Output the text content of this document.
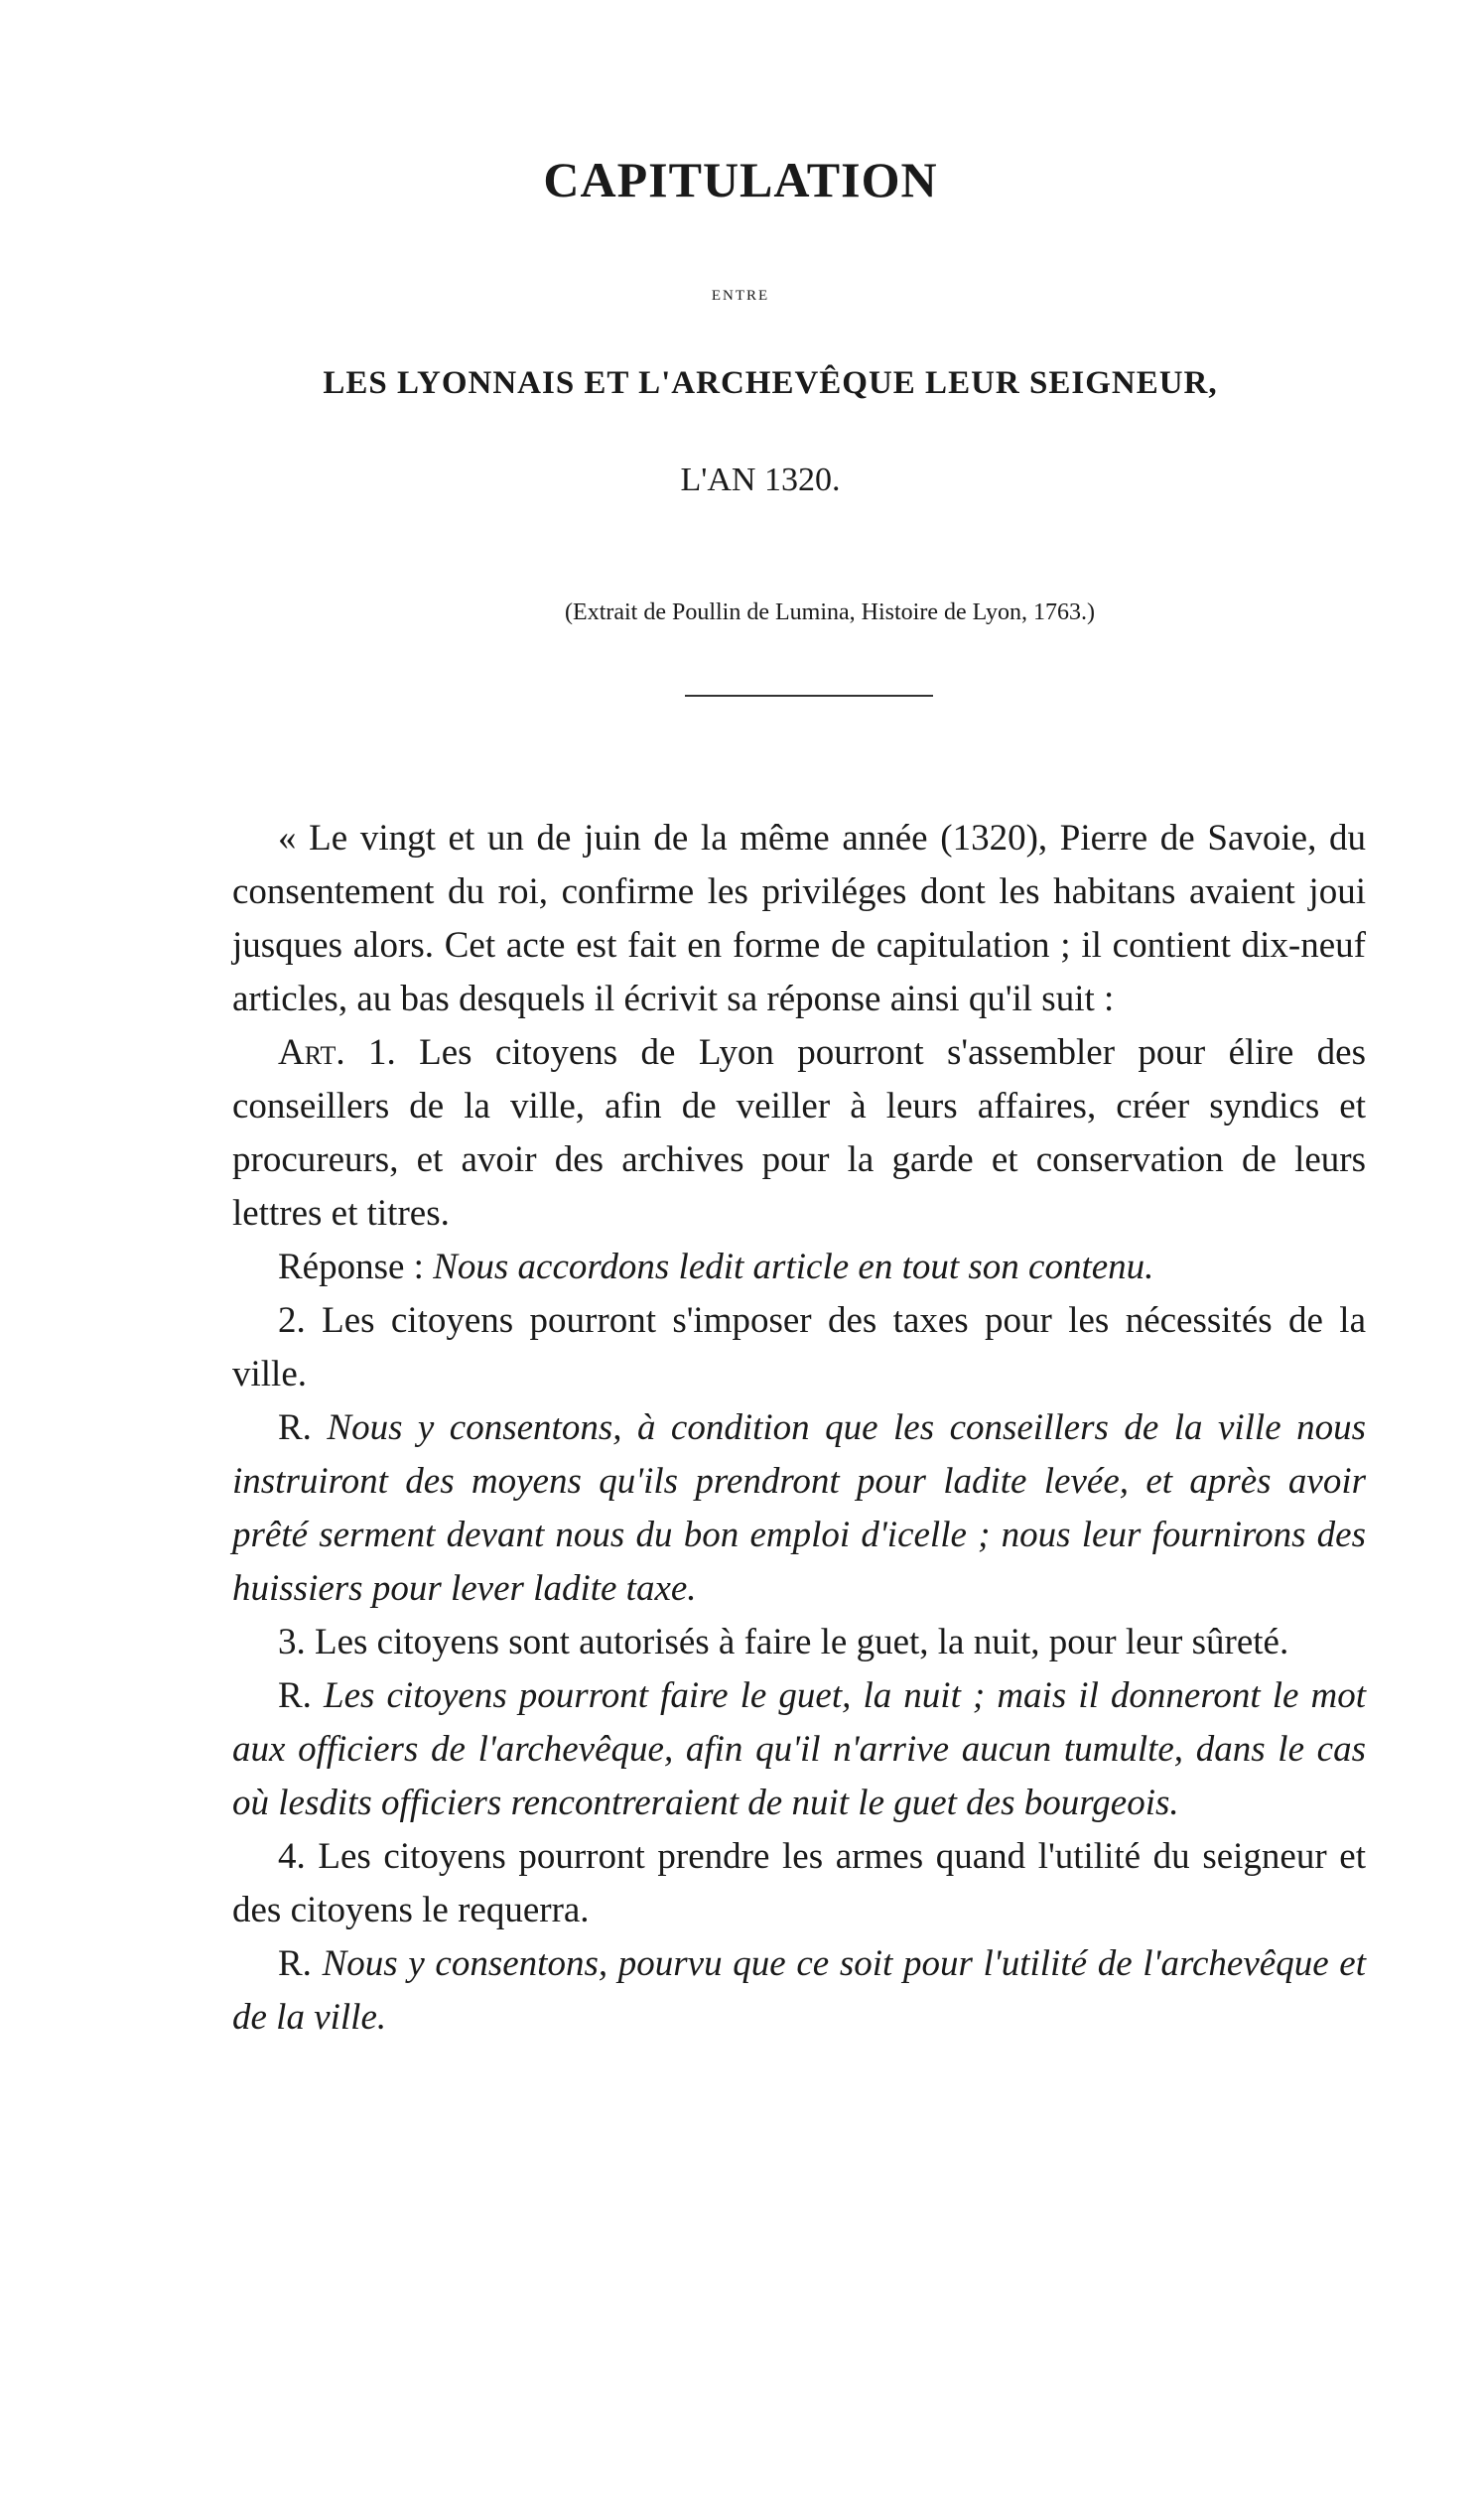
CAPITULATION
entre
LES LYONNAIS ET L'ARCHEVÊQUE LEUR SEIGNEUR,
L'AN 1320.
(Extrait de Poullin de Lumina, Histoire de Lyon, 1763.)

« Le vingt et un de juin de la même année (1320), Pierre de Savoie, du consentement du roi, confirme les priviléges dont les habitans avaient joui jusques alors. Cet acte est fait en forme de capitulation ; il contient dix-neuf articles, au bas desquels il écrivit sa réponse ainsi qu'il suit :

Art. 1. Les citoyens de Lyon pourront s'assembler pour élire des conseillers de la ville, afin de veiller à leurs affaires, créer syndics et procureurs, et avoir des archives pour la garde et conservation de leurs lettres et titres.

Réponse : Nous accordons ledit article en tout son contenu.

2. Les citoyens pourront s'imposer des taxes pour les nécessités de la ville.

R. Nous y consentons, à condition que les conseillers de la ville nous instruiront des moyens qu'ils prendront pour ladite levée, et après avoir prêté serment devant nous du bon emploi d'icelle ; nous leur fournirons des huissiers pour lever ladite taxe.

3. Les citoyens sont autorisés à faire le guet, la nuit, pour leur sûreté.

R. Les citoyens pourront faire le guet, la nuit ; mais il donneront le mot aux officiers de l'archevêque, afin qu'il n'arrive aucun tumulte, dans le cas où lesdits officiers rencontreraient de nuit le guet des bourgeois.

4. Les citoyens pourront prendre les armes quand l'utilité du seigneur et des citoyens le requerra.

R. Nous y consentons, pourvu que ce soit pour l'utilité de l'archevêque et de la ville.
